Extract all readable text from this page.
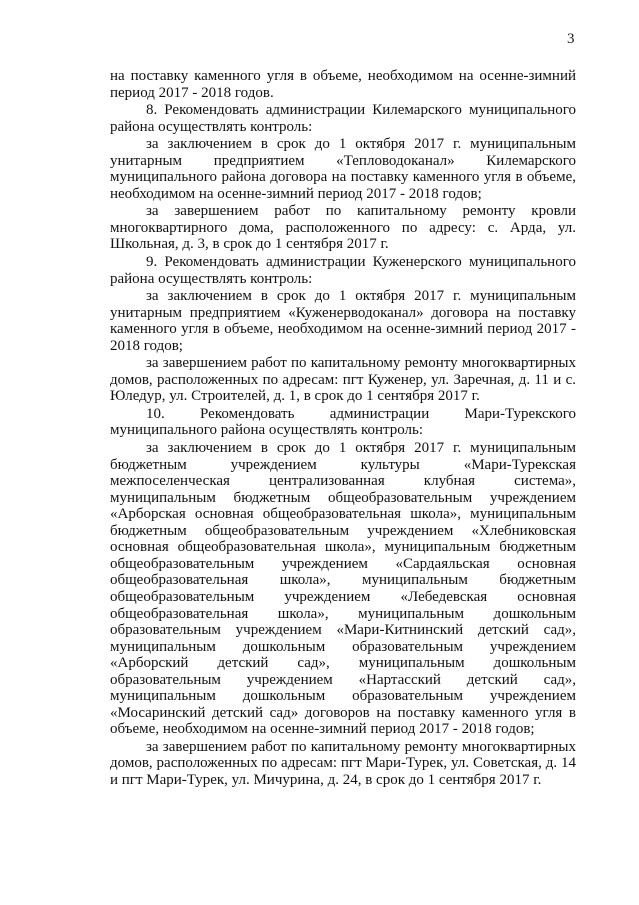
3

на поставку каменного угля в объеме, необходимом на осенне-зимний период 2017 - 2018 годов.

8. Рекомендовать администрации Килемарского муниципального района осуществлять контроль:

за заключением в срок до 1 октября 2017 г. муниципальным унитарным предприятием «Тепловодоканал» Килемарского муниципального района договора на поставку каменного угля в объеме, необходимом на осенне-зимний период 2017 - 2018 годов;

за завершением работ по капитальному ремонту кровли многоквартирного дома, расположенного по адресу: с. Арда, ул. Школьная, д. 3, в срок до 1 сентября 2017 г.

9. Рекомендовать администрации Куженерского муниципального района осуществлять контроль:

за заключением в срок до 1 октября 2017 г. муниципальным унитарным предприятием «Куженерводоканал» договора на поставку каменного угля в объеме, необходимом на осенне-зимний период 2017 - 2018 годов;

за завершением работ по капитальному ремонту многоквартирных домов, расположенных по адресам: пгт Куженер, ул. Заречная, д. 11 и с. Юледур, ул. Строителей, д. 1, в срок до 1 сентября 2017 г.

10. Рекомендовать администрации Мари-Турекского муниципального района осуществлять контроль:

за заключением в срок до 1 октября 2017 г. муниципальным бюджетным учреждением культуры «Мари-Турекская межпоселенческая централизованная клубная система», муниципальным бюджетным общеобразовательным учреждением «Арборская основная общеобразовательная школа», муниципальным бюджетным общеобразовательным учреждением «Хлебниковская основная общеобразовательная школа», муниципальным бюджетным общеобразовательным учреждением «Сардаяльская основная общеобразовательная школа», муниципальным бюджетным общеобразовательным учреждением «Лебедевская основная общеобразовательная школа», муниципальным дошкольным образовательным учреждением «Мари-Китнинский детский сад», муниципальным дошкольным образовательным учреждением «Арборский детский сад», муниципальным дошкольным образовательным учреждением «Нартасский детский сад», муниципальным дошкольным образовательным учреждением «Мосаринский детский сад» договоров на поставку каменного угля в объеме, необходимом на осенне-зимний период 2017 - 2018 годов;

за завершением работ по капитальному ремонту многоквартирных домов, расположенных по адресам: пгт Мари-Турек, ул. Советская, д. 14 и пгт Мари-Турек, ул. Мичурина, д. 24, в срок до 1 сентября 2017 г.
